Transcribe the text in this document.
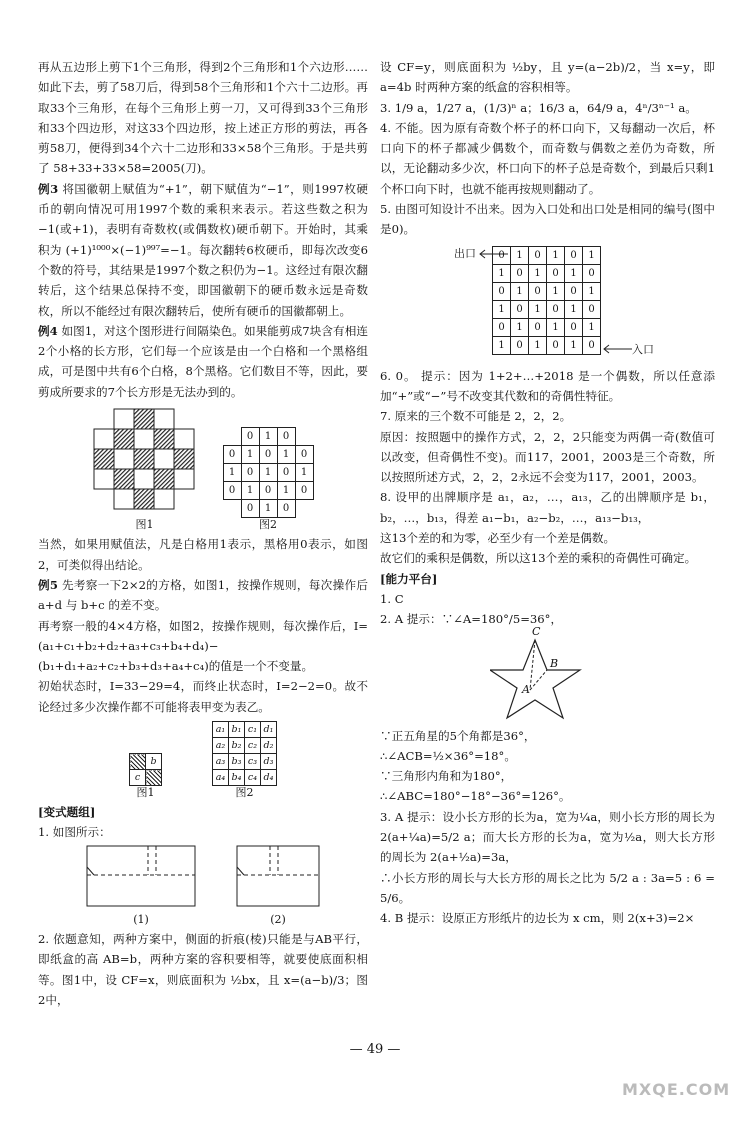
再从五边形上剪下1个三角形，得到2个三角形和1个六边形……如此下去，剪了58刀后，得到58个三角形和1个六十二边形。再取33个三角形，在每个三角形上剪一刀，又可得到33个三角形和33个四边形，对这33个四边形，按上述正方形的剪法，再各剪58刀，便得到34个六十二边形和33×58个三角形。于是共剪了 58+33+33×58=2005(刀)。

例3 将国徽朝上赋值为“+1”，朝下赋值为“−1”，则1997枚硬币的朝向情况可用1997个数的乘积来表示。若这些数之积为−1(或+1)，表明有奇数枚(或偶数枚)硬币朝下。开始时，其乘积为 (+1)¹⁰⁰⁰×(−1)⁹⁹⁷=−1。每次翻转6枚硬币，即每次改变6个数的符号，其结果是1997个数之积仍为−1。这经过有限次翻转后，这个结果总保持不变，即国徽朝下的硬币数永远是奇数枚，所以不能经过有限次翻转后，使所有硬币的国徽都朝上。

例4 如图1，对这个图形进行间隔染色。如果能剪成7块含有相连2个小格的长方形，它们每一个应该是由一个白格和一个黑格组成，可是图中共有6个白格，8个黑格。它们数目不等，因此，要剪成所要求的7个长方形是无法办到的。

图1
	0	1	0	
0	1	0	1	0
1	0	1	0	1
0	1	0	1	0
	0	1	0	
图2

当然，如果用赋值法，凡是白格用1表示，黑格用0表示，如图2，可类似得出结论。

例5 先考察一下2×2的方格，如图1，按操作规则，每次操作后 a+d 与 b+c 的差不变。

再考察一般的4×4方格，如图2，按操作规则，每次操作后，I=(a₁+c₁+b₂+d₂+a₃+c₃+b₄+d₄)−(b₁+d₁+a₂+c₂+b₃+d₃+a₄+c₄)的值是一个不变量。

初始状态时，I=33−29=4，而终止状态时，I=2−2=0。故不论经过多少次操作都不可能将表甲变为表乙。

	b
c	
图1
a₁	b₁	c₁	d₁
a₂	b₂	c₂	d₂
a₃	b₃	c₃	d₃
a₄	b₄	c₄	d₄
图2

[变式题组]

1. 如图所示：

(1)	(2)

2. 依题意知，两种方案中，侧面的折痕(棱)只能是与AB平行，即纸盒的高 AB=b，两种方案的容积要相等，就要使底面积相等。图1中，设 CF=x，则底面积为 ½bx，且 x=(a−b)/3；图2中，

设 CF=y，则底面积为 ½by，且 y=(a−2b)/2，当 x=y，即 a=4b 时两种方案的纸盒的容积相等。

3. 1/9 a，1/27 a，(1/3)ⁿ a；16/3 a，64/9 a，4ⁿ/3ⁿ⁻¹ a。

4. 不能。因为原有奇数个杯子的杯口向下，又每翻动一次后，杯口向下的杯子都减少偶数个，而奇数与偶数之差仍为奇数，所以，无论翻动多少次，杯口向下的杯子总是奇数个，到最后只剩1个杯口向下时，也就不能再按规则翻动了。

5. 由图可知设计不出来。因为入口处和出口处是相同的编号(图中是0)。

出口 0	1	0	1	0	1
1	0	1	0	1	0
0	1	0	1	0	1
1	0	1	0	1	0
0	1	0	1	0	1
1	0	1	0	1	0	入口

6. 0。 提示：因为 1+2+…+2018 是一个偶数，所以任意添加“+”或“−”号不改变其代数和的奇偶性特征。

7. 原来的三个数不可能是 2，2，2。

原因：按照题中的操作方式，2，2，2只能变为两偶一奇(数值可以改变，但奇偶性不变)。而117，2001，2003是三个奇数，所以按照所述方式，2，2，2永远不会变为117，2001，2003。

8. 设甲的出牌顺序是 a₁，a₂，…，a₁₃，乙的出牌顺序是 b₁，b₂，…，b₁₃，得差 a₁−b₁，a₂−b₂，…，a₁₃−b₁₃，

这13个差的和为零，必至少有一个差是偶数。

故它们的乘积是偶数，所以这13个差的乘积的奇偶性可确定。

[能力平台]

1. C

2. A 提示：∵∠A=180°/5=36°，

C
B
A

∵正五角星的5个角都是36°，

∴∠ACB=½×36°=18°。

∵三角形内角和为180°，

∴∠ABC=180°−18°−36°=126°。

3. A 提示：设小长方形的长为a，宽为¼a，则小长方形的周长为 2(a+¼a)=5/2 a；而大长方形的长为a，宽为½a，则大长方形的周长为 2(a+½a)=3a，

∴小长方形的周长与大长方形的周长之比为 5/2 a : 3a=5 : 6 = 5/6。

4. B 提示：设原正方形纸片的边长为 x cm，则 2(x+3)=2×

— 49 —
MXQE.COM
